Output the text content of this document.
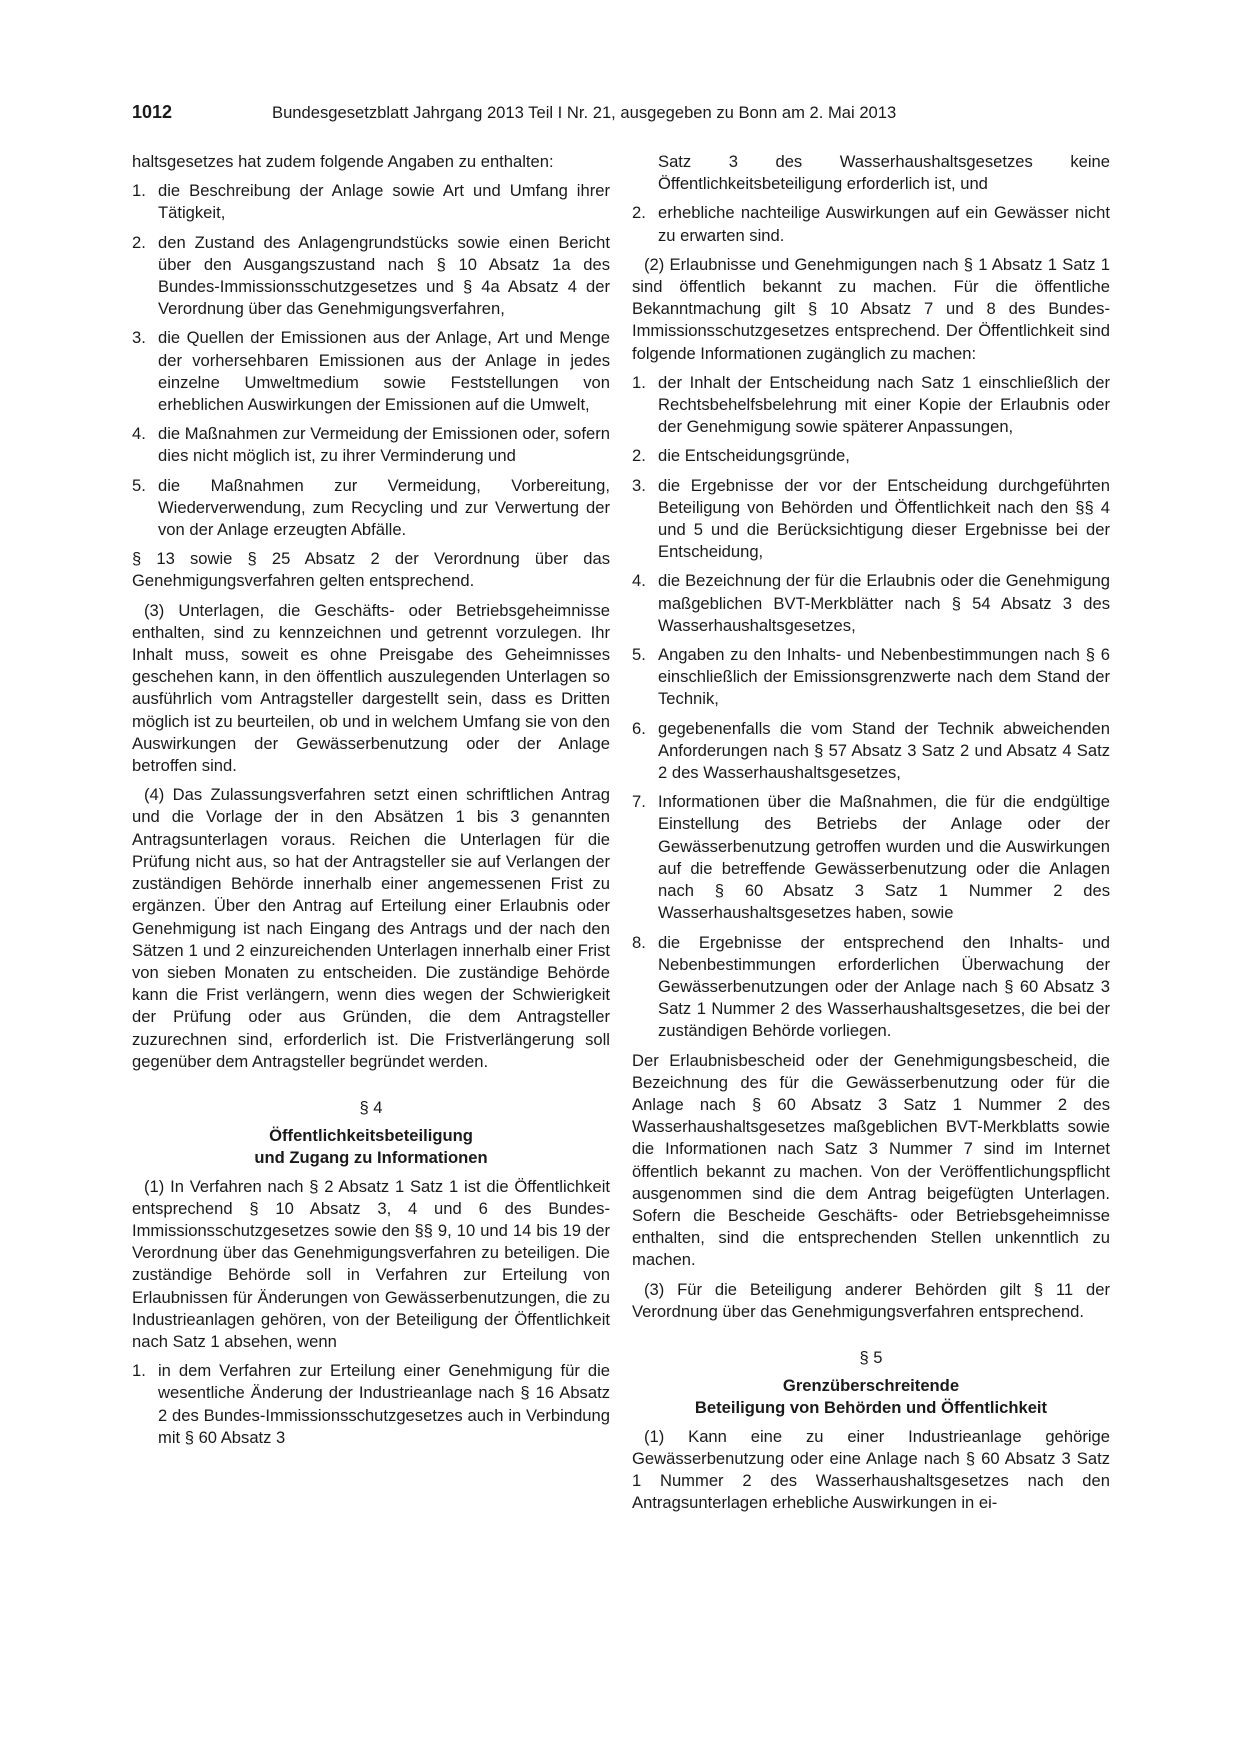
1012	Bundesgesetzblatt Jahrgang 2013 Teil I Nr. 21, ausgegeben zu Bonn am 2. Mai 2013

haltsgesetzes hat zudem folgende Angaben zu enthalten:

1. die Beschreibung der Anlage sowie Art und Umfang ihrer Tätigkeit,
2. den Zustand des Anlagengrundstücks sowie einen Bericht über den Ausgangszustand nach § 10 Absatz 1a des Bundes-Immissionsschutzgesetzes und § 4a Absatz 4 der Verordnung über das Genehmigungsverfahren,
3. die Quellen der Emissionen aus der Anlage, Art und Menge der vorhersehbaren Emissionen aus der Anlage in jedes einzelne Umweltmedium sowie Feststellungen von erheblichen Auswirkungen der Emissionen auf die Umwelt,
4. die Maßnahmen zur Vermeidung der Emissionen oder, sofern dies nicht möglich ist, zu ihrer Verminderung und
5. die Maßnahmen zur Vermeidung, Vorbereitung, Wiederverwendung, zum Recycling und zur Verwertung der von der Anlage erzeugten Abfälle.

§ 13 sowie § 25 Absatz 2 der Verordnung über das Genehmigungsverfahren gelten entsprechend.

(3) Unterlagen, die Geschäfts- oder Betriebsgeheimnisse enthalten, sind zu kennzeichnen und getrennt vorzulegen. Ihr Inhalt muss, soweit es ohne Preisgabe des Geheimnisses geschehen kann, in den öffentlich auszulegenden Unterlagen so ausführlich vom Antragsteller dargestellt sein, dass es Dritten möglich ist zu beurteilen, ob und in welchem Umfang sie von den Auswirkungen der Gewässerbenutzung oder der Anlage betroffen sind.

(4) Das Zulassungsverfahren setzt einen schriftlichen Antrag und die Vorlage der in den Absätzen 1 bis 3 genannten Antragsunterlagen voraus. Reichen die Unterlagen für die Prüfung nicht aus, so hat der Antragsteller sie auf Verlangen der zuständigen Behörde innerhalb einer angemessenen Frist zu ergänzen. Über den Antrag auf Erteilung einer Erlaubnis oder Genehmigung ist nach Eingang des Antrags und der nach den Sätzen 1 und 2 einzureichenden Unterlagen innerhalb einer Frist von sieben Monaten zu entscheiden. Die zuständige Behörde kann die Frist verlängern, wenn dies wegen der Schwierigkeit der Prüfung oder aus Gründen, die dem Antragsteller zuzurechnen sind, erforderlich ist. Die Fristverlängerung soll gegenüber dem Antragsteller begründet werden.

§ 4
Öffentlichkeitsbeteiligung
und Zugang zu Informationen

(1) In Verfahren nach § 2 Absatz 1 Satz 1 ist die Öffentlichkeit entsprechend § 10 Absatz 3, 4 und 6 des Bundes-Immissionsschutzgesetzes sowie den §§ 9, 10 und 14 bis 19 der Verordnung über das Genehmigungsverfahren zu beteiligen. Die zuständige Behörde soll in Verfahren zur Erteilung von Erlaubnissen für Änderungen von Gewässerbenutzungen, die zu Industrieanlagen gehören, von der Beteiligung der Öffentlichkeit nach Satz 1 absehen, wenn

1. in dem Verfahren zur Erteilung einer Genehmigung für die wesentliche Änderung der Industrieanlage nach § 16 Absatz 2 des Bundes-Immissionsschutzgesetzes auch in Verbindung mit § 60 Absatz 3
Satz 3 des Wasserhaushaltsgesetzes keine Öffentlichkeitsbeteiligung erforderlich ist, und
2. erhebliche nachteilige Auswirkungen auf ein Gewässer nicht zu erwarten sind.

(2) Erlaubnisse und Genehmigungen nach § 1 Absatz 1 Satz 1 sind öffentlich bekannt zu machen. Für die öffentliche Bekanntmachung gilt § 10 Absatz 7 und 8 des Bundes-Immissionsschutzgesetzes entsprechend. Der Öffentlichkeit sind folgende Informationen zugänglich zu machen:

1. der Inhalt der Entscheidung nach Satz 1 einschließlich der Rechtsbehelfsbelehrung mit einer Kopie der Erlaubnis oder der Genehmigung sowie späterer Anpassungen,
2. die Entscheidungsgründe,
3. die Ergebnisse der vor der Entscheidung durchgeführten Beteiligung von Behörden und Öffentlichkeit nach den §§ 4 und 5 und die Berücksichtigung dieser Ergebnisse bei der Entscheidung,
4. die Bezeichnung der für die Erlaubnis oder die Genehmigung maßgeblichen BVT-Merkblätter nach § 54 Absatz 3 des Wasserhaushaltsgesetzes,
5. Angaben zu den Inhalts- und Nebenbestimmungen nach § 6 einschließlich der Emissionsgrenzwerte nach dem Stand der Technik,
6. gegebenenfalls die vom Stand der Technik abweichenden Anforderungen nach § 57 Absatz 3 Satz 2 und Absatz 4 Satz 2 des Wasserhaushaltsgesetzes,
7. Informationen über die Maßnahmen, die für die endgültige Einstellung des Betriebs der Anlage oder der Gewässerbenutzung getroffen wurden und die Auswirkungen auf die betreffende Gewässerbenutzung oder die Anlagen nach § 60 Absatz 3 Satz 1 Nummer 2 des Wasserhaushaltsgesetzes haben, sowie
8. die Ergebnisse der entsprechend den Inhalts- und Nebenbestimmungen erforderlichen Überwachung der Gewässerbenutzungen oder der Anlage nach § 60 Absatz 3 Satz 1 Nummer 2 des Wasserhaushaltsgesetzes, die bei der zuständigen Behörde vorliegen.

Der Erlaubnisbescheid oder der Genehmigungsbescheid, die Bezeichnung des für die Gewässerbenutzung oder für die Anlage nach § 60 Absatz 3 Satz 1 Nummer 2 des Wasserhaushaltsgesetzes maßgeblichen BVT-Merkblatts sowie die Informationen nach Satz 3 Nummer 7 sind im Internet öffentlich bekannt zu machen. Von der Veröffentlichungspflicht ausgenommen sind die dem Antrag beigefügten Unterlagen. Sofern die Bescheide Geschäfts- oder Betriebsgeheimnisse enthalten, sind die entsprechenden Stellen unkenntlich zu machen.

(3) Für die Beteiligung anderer Behörden gilt § 11 der Verordnung über das Genehmigungsverfahren entsprechend.

§ 5
Grenzüberschreitende
Beteiligung von Behörden und Öffentlichkeit

(1) Kann eine zu einer Industrieanlage gehörige Gewässerbenutzung oder eine Anlage nach § 60 Absatz 3 Satz 1 Nummer 2 des Wasserhaushaltsgesetzes nach den Antragsunterlagen erhebliche Auswirkungen in ei-
